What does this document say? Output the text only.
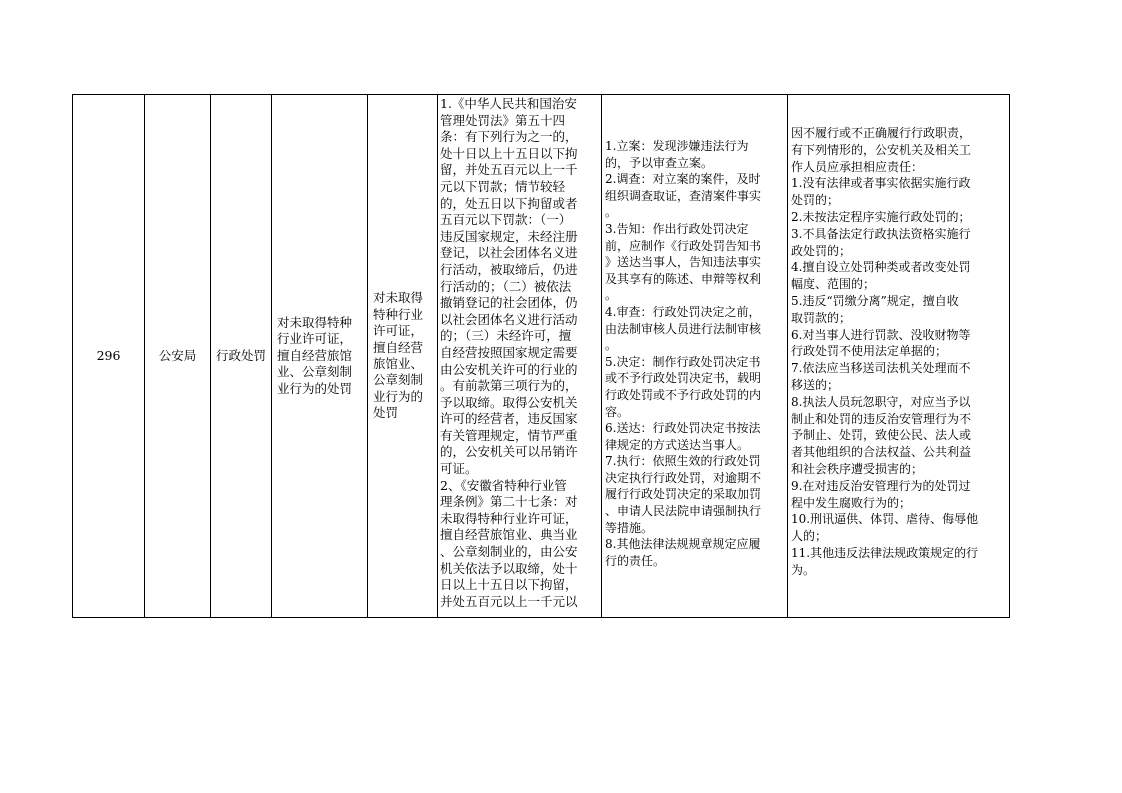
296	公安局 行政处罚
对未取得特种
行业许可证，
擅自经营旅馆
业、公章刻制
业行为的处罚
对未取得
特种行业
许可证，
擅自经营
旅馆业、
公章刻制
业行为的
处罚
1.《中华人民共和国治安
管理处罚法》第五十四
条：有下列行为之一的，
处十日以上十五日以下拘
留，并处五百元以上一千
元以下罚款；情节较轻
的，处五日以下拘留或者
五百元以下罚款：（一）
违反国家规定，未经注册
登记，以社会团体名义进
行活动，被取缔后，仍进
行活动的；（二）被依法
撤销登记的社会团体，仍
以社会团体名义进行活动
的；（三）未经许可，擅
自经营按照国家规定需要
由公安机关许可的行业的
。有前款第三项行为的，
予以取缔。取得公安机关
许可的经营者，违反国家
有关管理规定，情节严重
的，公安机关可以吊销许
可证。
2、《安徽省特种行业管
理条例》第二十七条：对
未取得特种行业许可证，
擅自经营旅馆业、典当业
、公章刻制业的，由公安
机关依法予以取缔，处十
日以上十五日以下拘留，
并处五百元以上一千元以
1.立案：发现涉嫌违法行为
的，予以审查立案。
2.调查：对立案的案件，及时
组织调查取证，查清案件事实
。
3.告知：作出行政处罚决定
前，应制作《行政处罚告知书
》送达当事人，告知违法事实
及其享有的陈述、申辩等权利
。
4.审查：行政处罚决定之前，
由法制审核人员进行法制审核
。
5.决定：制作行政处罚决定书
或不予行政处罚决定书，载明
行政处罚或不予行政处罚的内
容。
6.送达：行政处罚决定书按法
律规定的方式送达当事人。
7.执行：依照生效的行政处罚
决定执行行政处罚，对逾期不
履行行政处罚决定的采取加罚
、申请人民法院申请强制执行
等措施。
8.其他法律法规规章规定应履
行的责任。
因不履行或不正确履行行政职责，
有下列情形的，公安机关及相关工
作人员应承担相应责任：
1.没有法律或者事实依据实施行政
处罚的；
2.未按法定程序实施行政处罚的；
3.不具备法定行政执法资格实施行
政处罚的；
4.擅自设立处罚种类或者改变处罚
幅度、范围的；
5.违反“罚缴分离”规定，擅自收
取罚款的；
6.对当事人进行罚款、没收财物等
行政处罚不使用法定单据的；
7.依法应当移送司法机关处理而不
移送的；
8.执法人员玩忽职守，对应当予以
制止和处罚的违反治安管理行为不
予制止、处罚，致使公民、法人或
者其他组织的合法权益、公共利益
和社会秩序遭受损害的；
9.在对违反治安管理行为的处罚过
程中发生腐败行为的；
10.刑讯逼供、体罚、虐待、侮辱他
人的；
11.其他违反法律法规政策规定的行
为。
